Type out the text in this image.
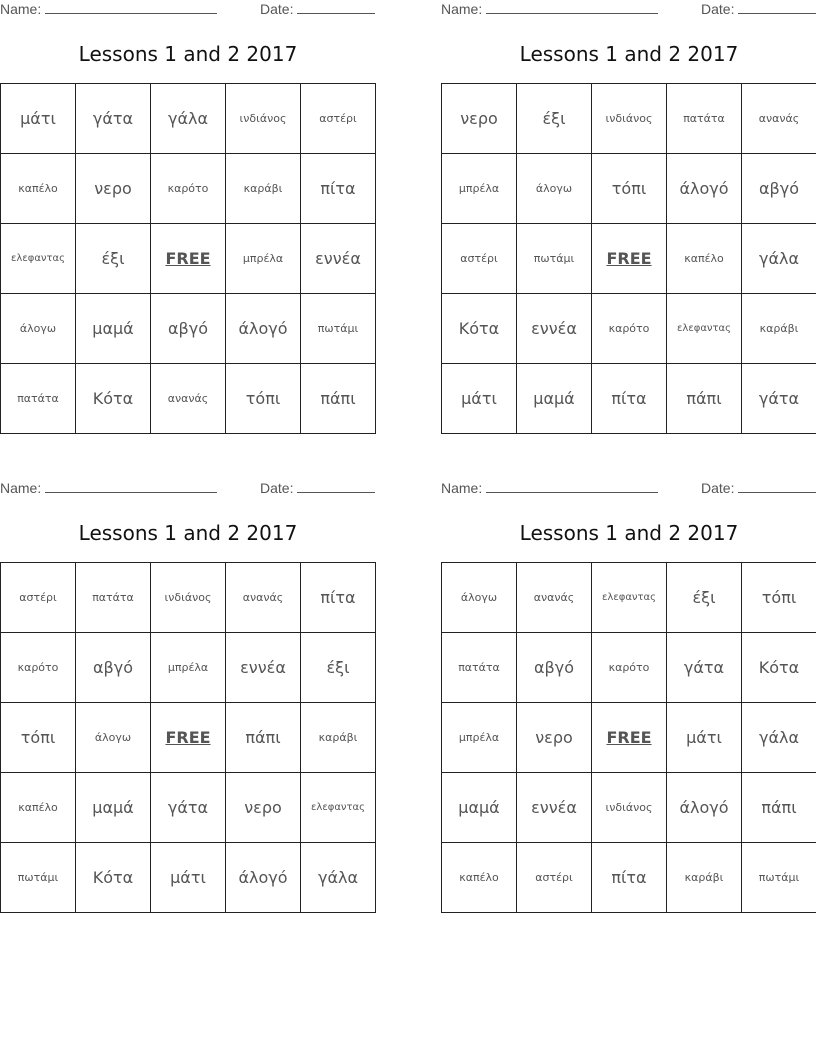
Name:	Date:
Lessons 1 and 2 2017
μάτι	γάτα	γάλα	ινδιάνος	αστέρι
καπέλο	νερο	καρότο	καράβι	πίτα
ελεφαντας	έξι	FREE	μπρέλα	εννέα
άλογω	μαμά	αβγό	άλογό	πωτάμι
πατάτα	Κότα	ανανάς	τόπι	πάπι
Name:	Date:
Lessons 1 and 2 2017
νερο	έξι	ινδιάνος	πατάτα	ανανάς
μπρέλα	άλογω	τόπι	άλογό	αβγό
αστέρι	πωτάμι	FREE	καπέλο	γάλα
Κότα	εννέα	καρότο	ελεφαντας	καράβι
μάτι	μαμά	πίτα	πάπι	γάτα
Name:	Date:
Lessons 1 and 2 2017
αστέρι	πατάτα	ινδιάνος	ανανάς	πίτα
καρότο	αβγό	μπρέλα	εννέα	έξι
τόπι	άλογω	FREE	πάπι	καράβι
καπέλο	μαμά	γάτα	νερο	ελεφαντας
πωτάμι	Κότα	μάτι	άλογό	γάλα
Name:	Date:
Lessons 1 and 2 2017
άλογω	ανανάς	ελεφαντας	έξι	τόπι
πατάτα	αβγό	καρότο	γάτα	Κότα
μπρέλα	νερο	FREE	μάτι	γάλα
μαμά	εννέα	ινδιάνος	άλογό	πάπι
καπέλο	αστέρι	πίτα	καράβι	πωτάμι
